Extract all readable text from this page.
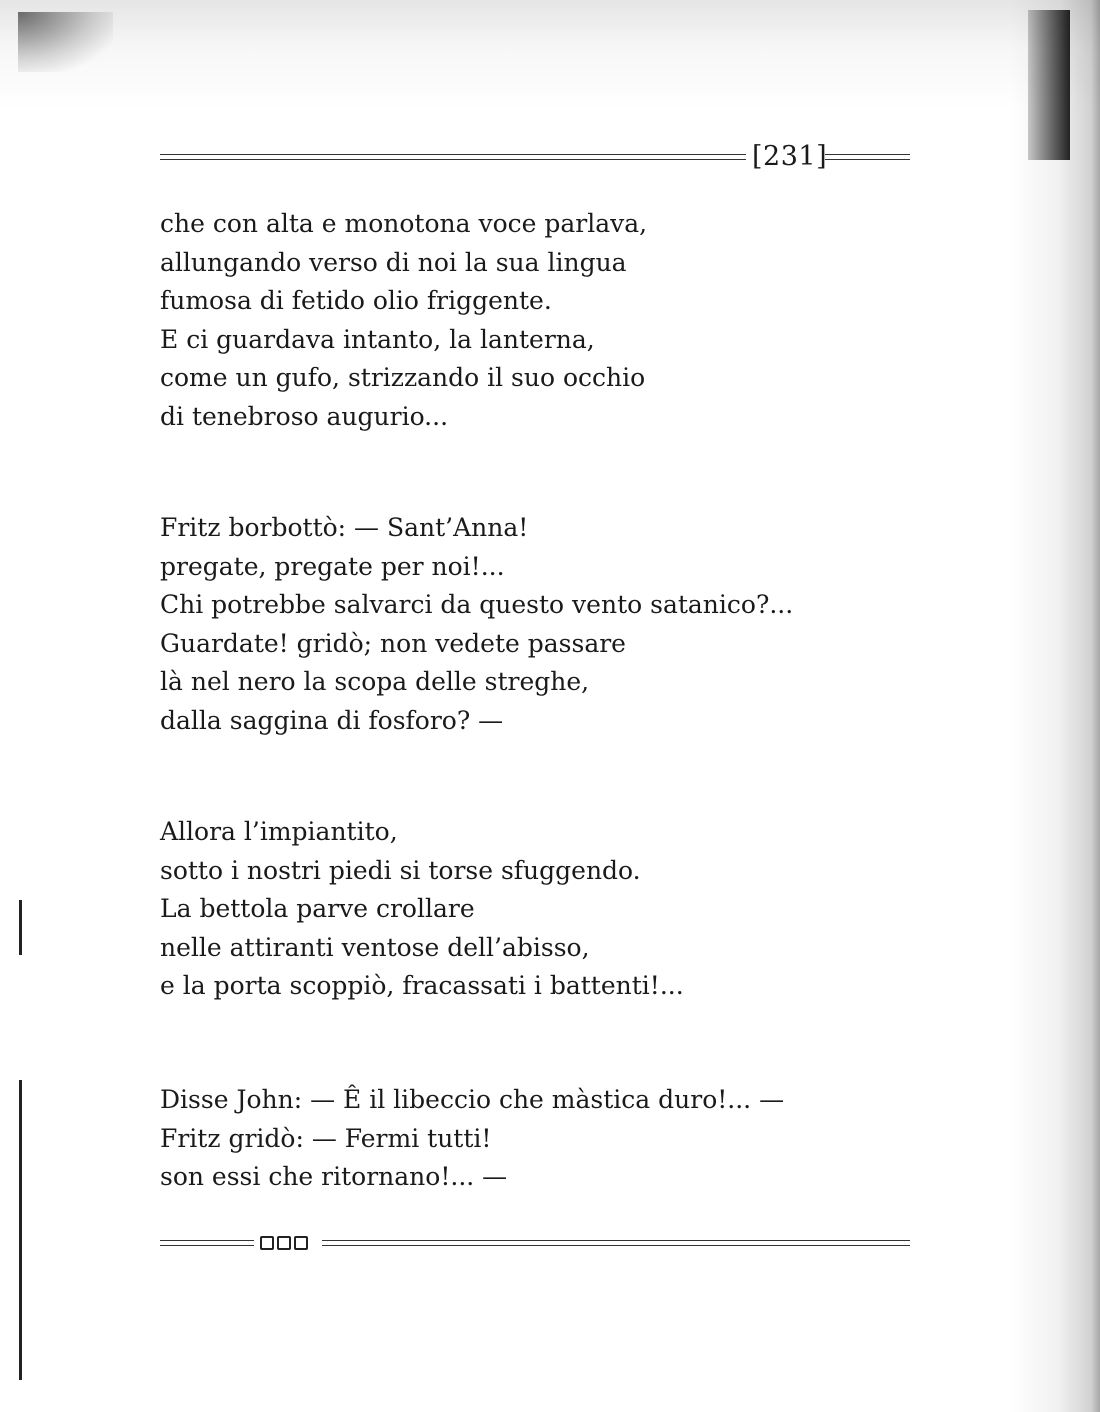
[231]
che con alta e monotona voce parlava,
allungando verso di noi la sua lingua
fumosa di fetido olio friggente.
E ci guardava intanto, la lanterna,
come un gufo, strizzando il suo occhio
di tenebroso augurio...
Fritz borbottò: — Sant’Anna!
pregate, pregate per noi!...
Chi potrebbe salvarci da questo vento satanico?...
Guardate! gridò; non vedete passare
là nel nero la scopa delle streghe,
dalla saggina di fosforo? —
Allora l’impiantito,
sotto i nostri piedi si torse sfuggendo.
La bettola parve crollare
nelle attiranti ventose dell’abisso,
e la porta scoppiò, fracassati i battenti!...
Disse John: — Ê il libeccio che màstica duro!... —
Fritz gridò: — Fermi tutti!
son essi che ritornano!... —
